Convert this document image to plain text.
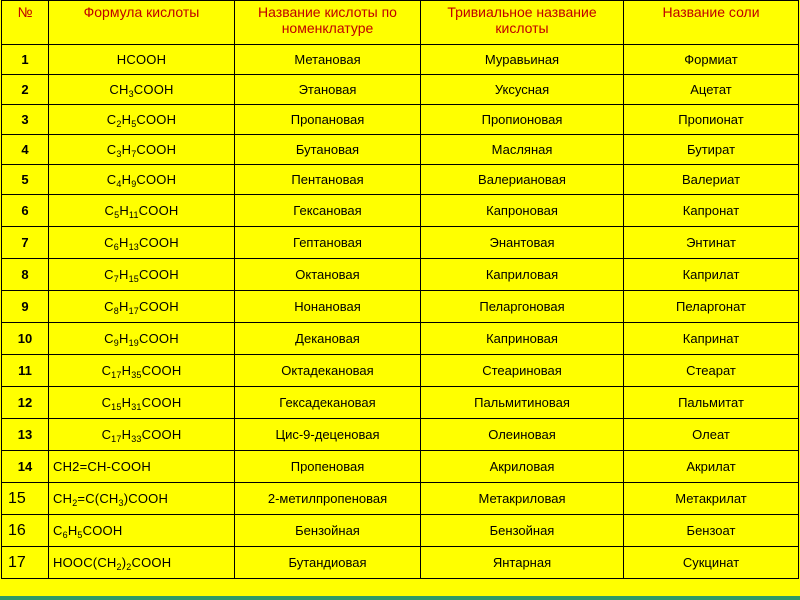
№	Формула кислоты	Название кислоты по номенклатуре	Тривиальное название кислоты	Название соли
1	HCOOH	Метановая	Муравьиная	Формиат
2	$CH_3COOH$	Этановая	Уксусная	Ацетат
3	$C_2H_5COOH$	Пропановая	Пропионовая	Пропионат
4	$C_3H_7COOH$	Бутановая	Масляная	Бутират
5	$C_4H_9COOH$	Пентановая	Валериановая	Валериат
6	$C_5H_{11}COOH$	Гексановая	Капроновая	Капронат
7	$C_6H_{13}COOH$	Гептановая	Энантовая	Энтинат
8	$C_7H_{15}COOH$	Октановая	Каприловая	Каприлат
9	$C_8H_{17}COOH$	Нонановая	Пеларгоновая	Пеларгонат
10	$C_9H_{19}COOH$	Декановая	Каприновая	Капринат
11	$C_{17}H_{35}COOH$	Октадекановая	Стеариновая	Стеарат
12	$C_{15}H_{31}COOH$	Гексадекановая	Пальмитиновая	Пальмитат
13	$C_{17}H_{33}COOH$	Цис-9-деценовая	Олеиновая	Олеат
14	CH2=CH-COOH	Пропеновая	Акриловая	Акрилат
15	$CH_2=C(CH_3)COOH$	2-метилпропеновая	Метакриловая	Метакрилат
16	$C_6H_5COOH$	Бензойная	Бензойная	Бензоат
17	$HOOC(CH_2)_2COOH$	Бутандиовая	Янтарная	Сукцинат
